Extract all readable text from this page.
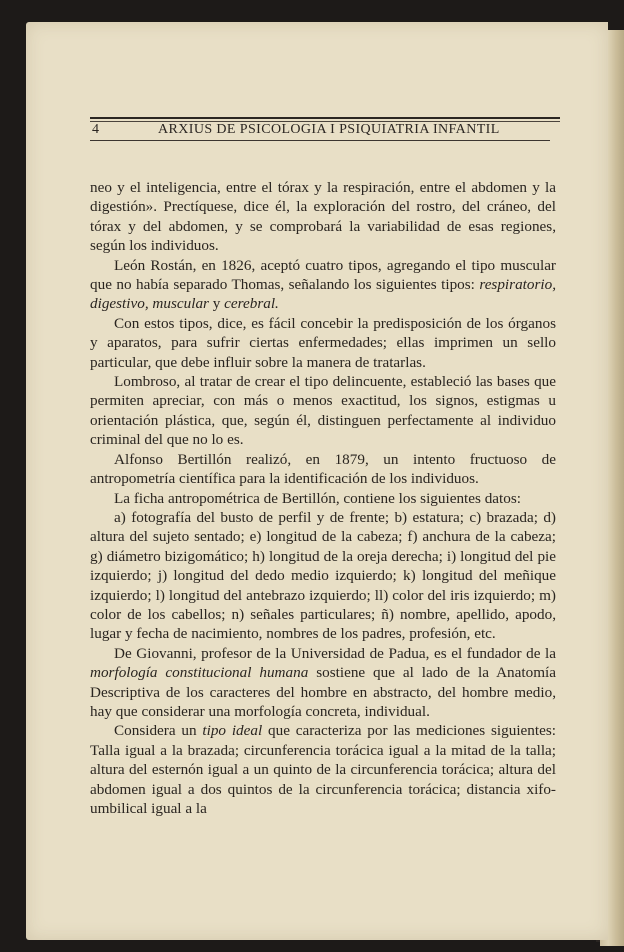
4	ARXIUS DE PSICOLOGIA I PSIQUIATRIA INFANTIL

neo y el inteligencia, entre el tórax y la respiración, entre el abdomen y la digestión». Prectíquese, dice él, la exploración del rostro, del cráneo, del tórax y del abdomen, y se comprobará la variabilidad de esas regiones, según los individuos.

León Rostán, en 1826, aceptó cuatro tipos, agregando el tipo muscular que no había separado Thomas, señalando los siguientes tipos: respiratorio, digestivo, muscular y cerebral.

Con estos tipos, dice, es fácil concebir la predisposición de los órganos y aparatos, para sufrir ciertas enfermedades; ellas imprimen un sello particular, que debe influir sobre la manera de tratarlas.

Lombroso, al tratar de crear el tipo delincuente, estableció las bases que permiten apreciar, con más o menos exactitud, los signos, estigmas u orientación plástica, que, según él, distinguen perfectamente al individuo criminal del que no lo es.

Alfonso Bertillón realizó, en 1879, un intento fructuoso de antropometría científica para la identificación de los individuos.

La ficha antropométrica de Bertillón, contiene los siguientes datos:

a) fotografía del busto de perfil y de frente; b) estatura; c) brazada; d) altura del sujeto sentado; e) longitud de la cabeza; f) anchura de la cabeza; g) diámetro bizigomático; h) longitud de la oreja derecha; i) longitud del pie izquierdo; j) longitud del dedo medio izquierdo; k) longitud del meñique izquierdo; l) longitud del antebrazo izquierdo; ll) color del iris izquierdo; m) color de los cabellos; n) señales particulares; ñ) nombre, apellido, apodo, lugar y fecha de nacimiento, nombres de los padres, profesión, etc.

De Giovanni, profesor de la Universidad de Padua, es el fundador de la morfología constitucional humana sostiene que al lado de la Anatomía Descriptiva de los caracteres del hombre en abstracto, del hombre medio, hay que considerar una morfología concreta, individual.

Considera un tipo ideal que caracteriza por las mediciones siguientes: Talla igual a la brazada; circunferencia torácica igual a la mitad de la talla; altura del esternón igual a un quinto de la circunferencia torácica; altura del abdomen igual a dos quintos de la circunferencia torácica; distancia xifo-umbilical igual a la
